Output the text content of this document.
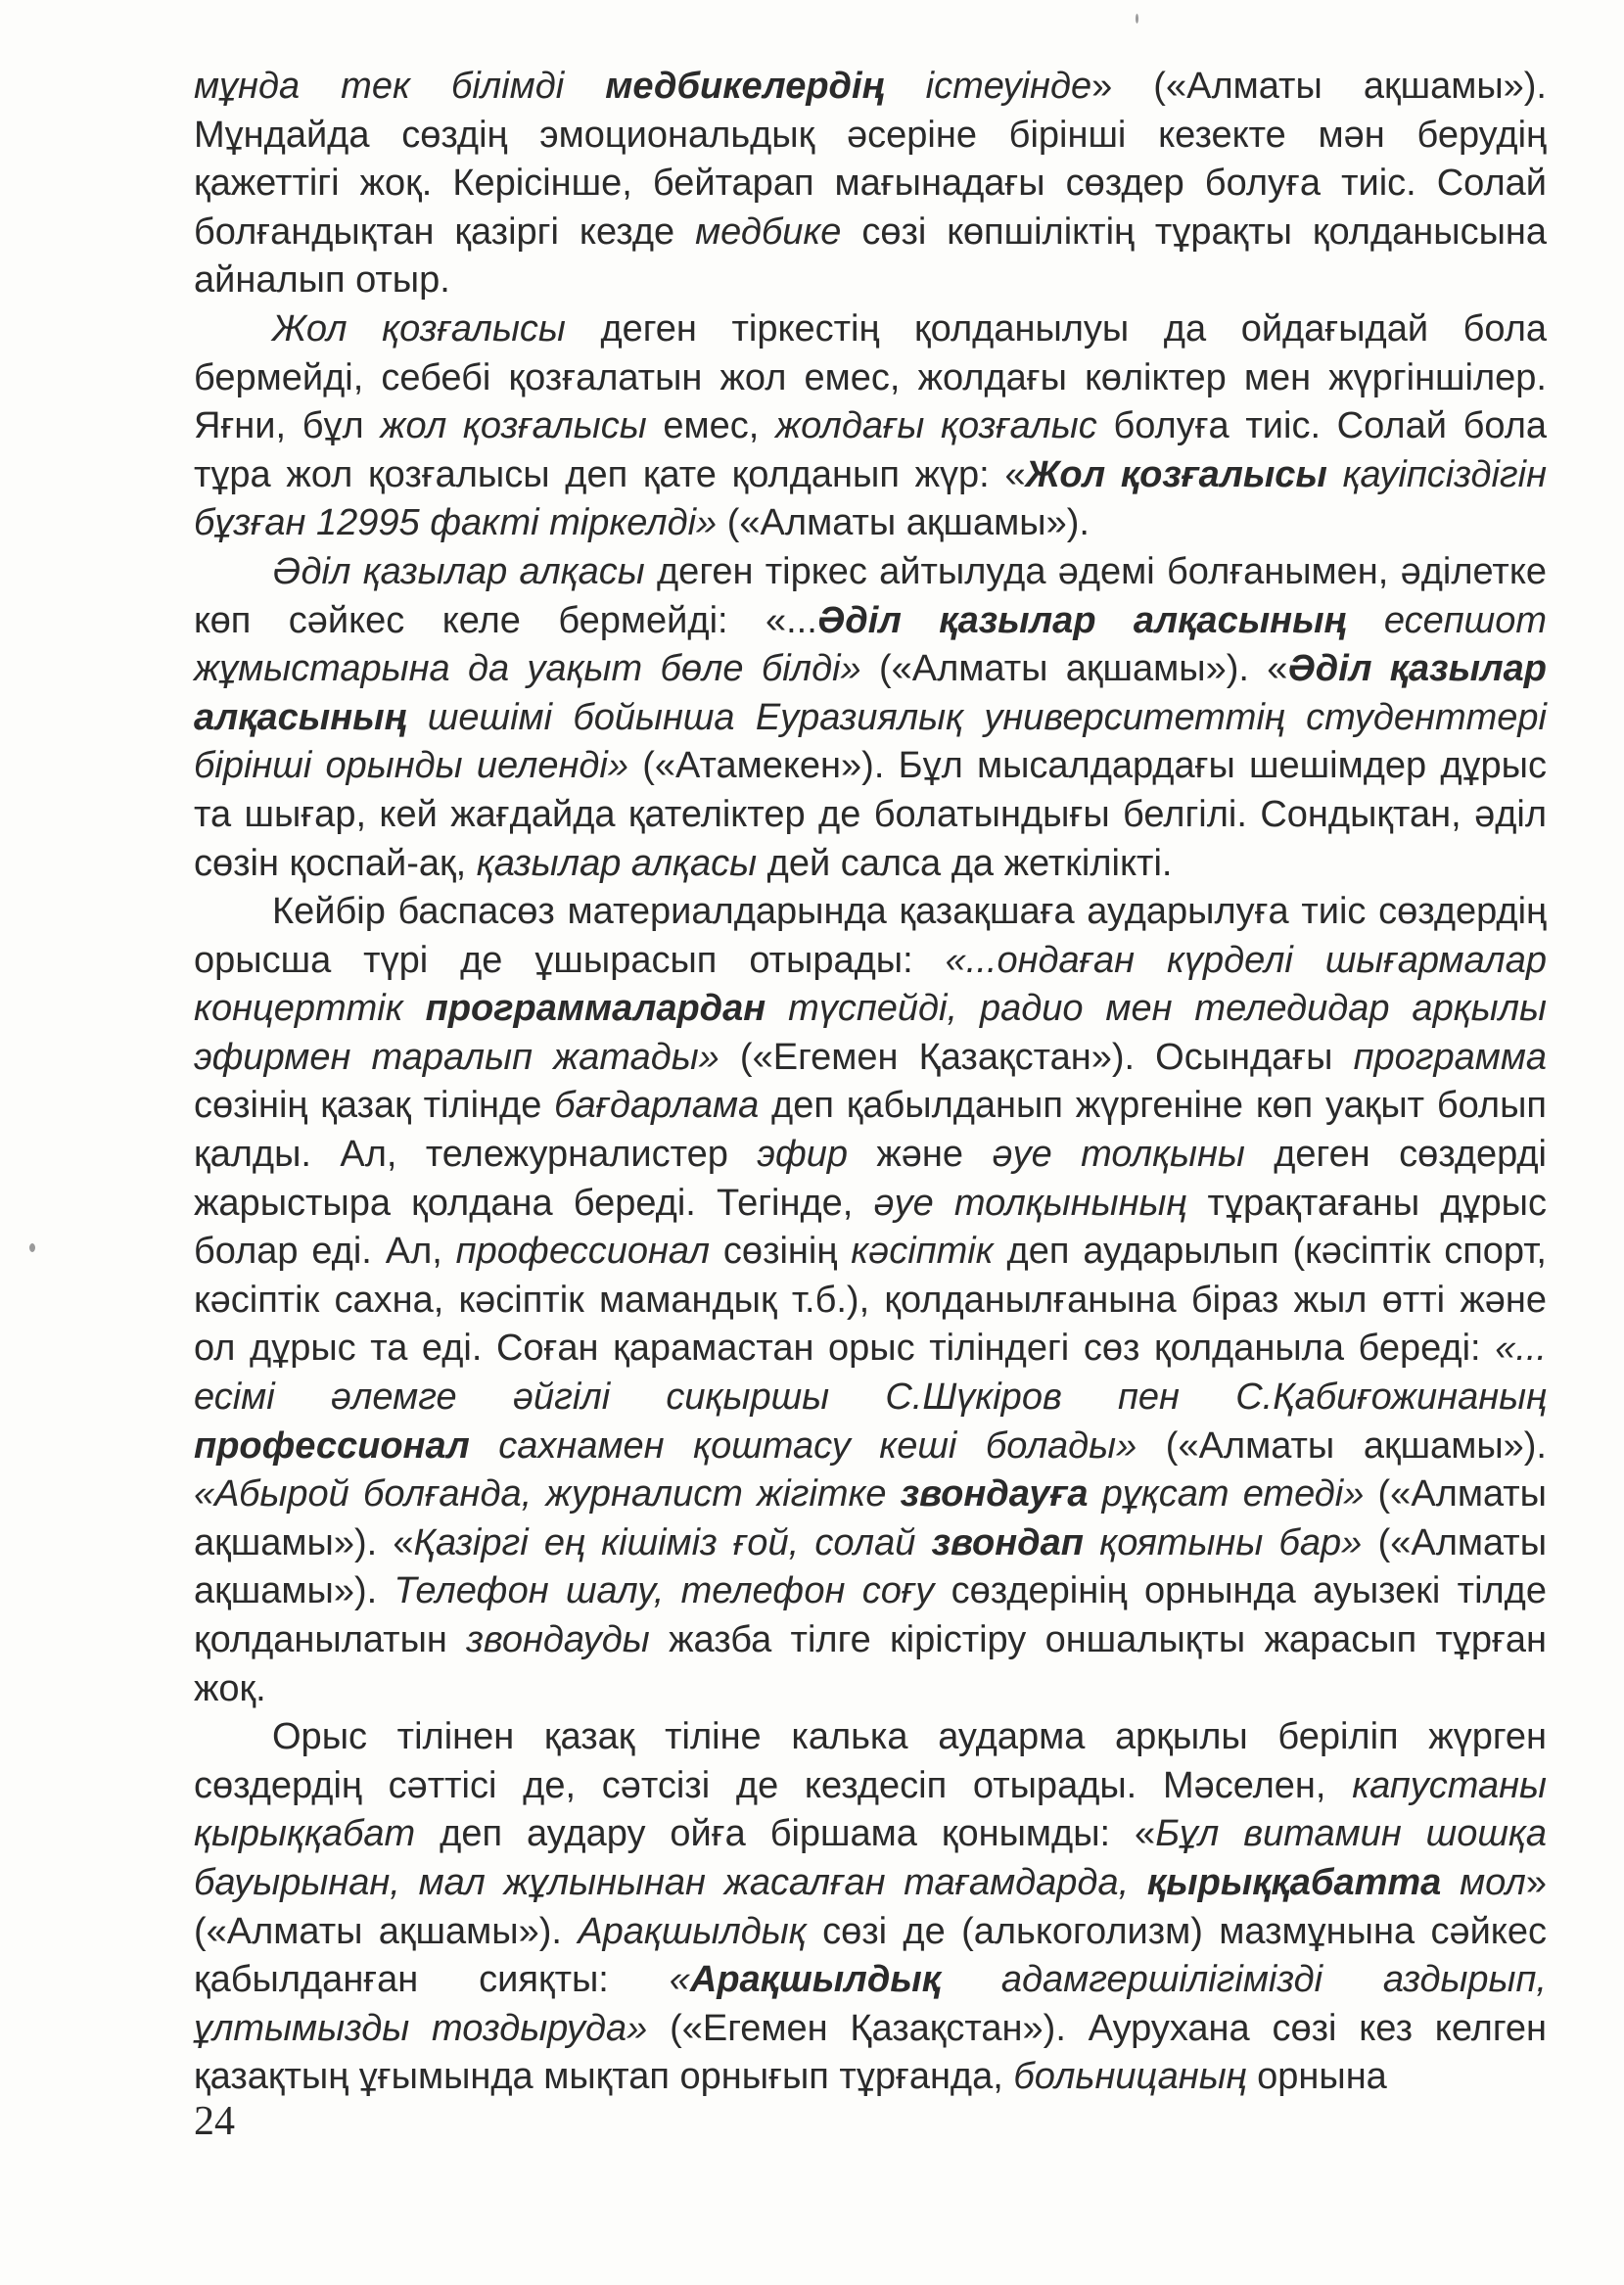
мұнда тек білімді медбикелердің істеуінде» («Алматы ақшамы»). Мұндайда сөздің эмоциональдық әсеріне бірінші кезекте мән берудің қажеттігі жоқ. Керісінше, бейтарап мағынадағы сөздер болуға тиіс. Солай болғандықтан қазіргі кезде медбике сөзі көпшіліктің тұрақты қолданысына айналып отыр.

Жол қозғалысы деген тіркестің қолданылуы да ойдағыдай бола бермейді, себебі қозғалатын жол емес, жолдағы көліктер мен жүргіншілер. Яғни, бұл жол қозғалысы емес, жолдағы қозғалыс болуға тиіс. Солай бола тұра жол қозғалысы деп қате қолданып жүр: «Жол қозғалысы қауіпсіздігін бұзған 12995 факті тіркелді» («Алматы ақшамы»).

Әділ қазылар алқасы деген тіркес айтылуда әдемі болғанымен, әділетке көп сәйкес келе бермейді: «...Әділ қазылар алқасының есепшот жұмыстарына да уақыт бөле білді» («Алматы ақшамы»). «Әділ қазылар алқасының шешімі бойынша Еуразиялық университеттің студенттері бірінші орынды иеленді» («Атамекен»). Бұл мысалдардағы шешімдер дұрыс та шығар, кей жағдайда қателіктер де болатындығы белгілі. Сондықтан, әділ сөзін қоспай-ақ, қазылар алқасы дей салса да жеткілікті.

Кейбір баспасөз материалдарында қазақшаға аударылуға тиіс сөздердің орысша түрі де ұшырасып отырады: «...ондаған күрделі шығармалар концерттік программалардан түспейді, радио мен теледидар арқылы эфирмен таралып жатады» («Егемен Қазақстан»). Осындағы программа сөзінің қазақ тілінде бағдарлама деп қабылданып жүргеніне көп уақыт болып қалды. Ал, тележурналистер эфир және әуе толқыны деген сөздерді жарыстыра қолдана береді. Тегінде, әуе толқынының тұрақтағаны дұрыс болар еді. Ал, профессионал сөзінің кәсіптік деп аударылып (кәсіптік спорт, кәсіптік сахна, кәсіптік мамандық т.б.), қолданылғанына біраз жыл өтті және ол дұрыс та еді. Соған қарамастан орыс тіліндегі сөз қолданыла береді: «... есімі әлемге әйгілі сиқыршы С.Шүкіров пен С.Қабиғожинаның профессионал сахнамен қоштасу кеші болады» («Алматы ақшамы»). «Абырой болғанда, журналист жігітке звондауға рұқсат етеді» («Алматы ақшамы»). «Қазіргі ең кішіміз ғой, солай звондап қоятыны бар» («Алматы ақшамы»). Телефон шалу, телефон соғу сөздерінің орнында ауызекі тілде қолданылатын звондауды жазба тілге кірістіру оншалықты жарасып тұрған жоқ.

Орыс тілінен қазақ тіліне калька аударма арқылы беріліп жүрген сөздердің сәттісі де, сәтсізі де кездесіп отырады. Мәселен, капустаны қырыққабат деп аудару ойға біршама қонымды: «Бұл витамин шошқа бауырынан, мал жұлынынан жасалған тағамдарда, қырыққабатта мол» («Алматы ақшамы»). Арақшылдық сөзі де (алькоголизм) мазмұнына сәйкес қабылданған сияқты: «Арақшылдық адамгершілігімізді аздырып, ұлтымызды тоздыруда» («Егемен Қазақстан»). Аурухана сөзі кез келген қазақтың ұғымында мықтап орнығып тұрғанда, больницаның орнына

24
